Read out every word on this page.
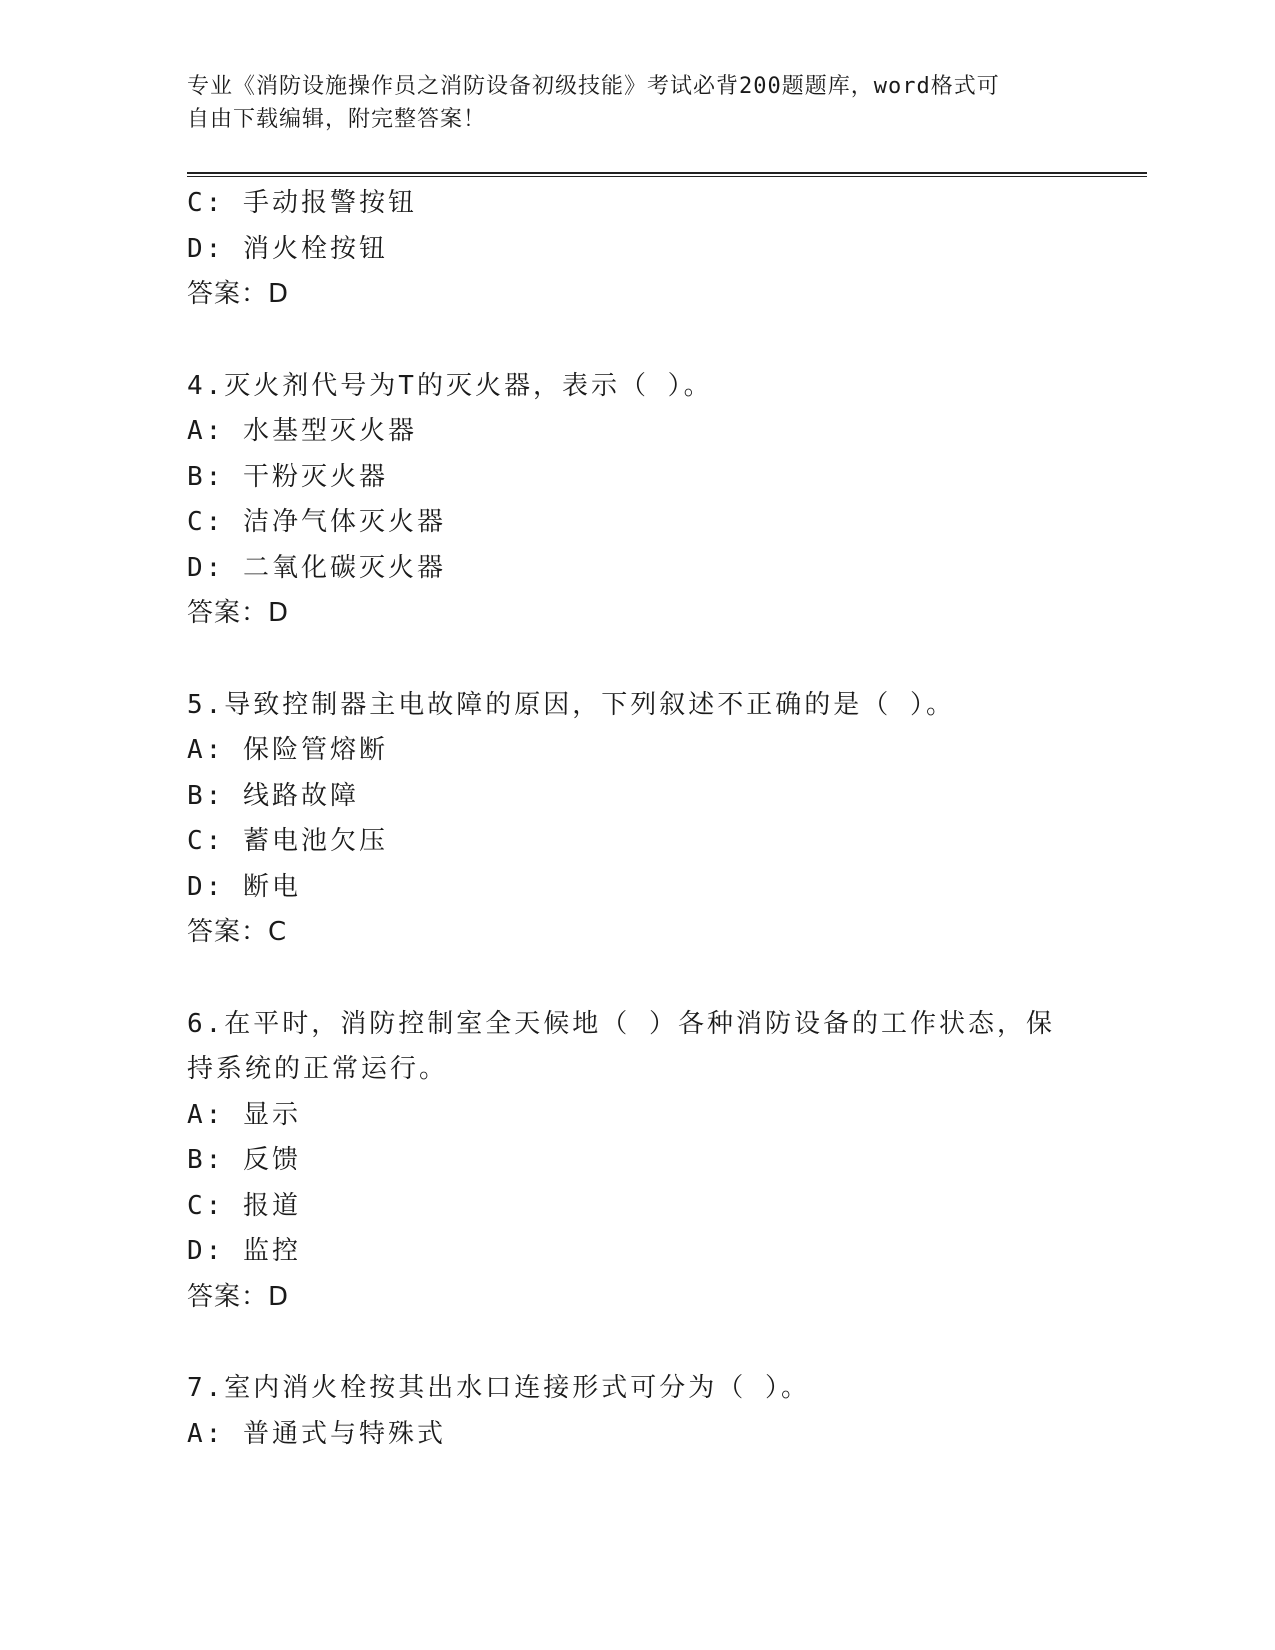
专业《消防设施操作员之消防设备初级技能》考试必背200题题库，word格式可

自由下载编辑，附完整答案！

C: 手动报警按钮

D: 消火栓按钮

答案：D

4.灭火剂代号为T的灭火器，表示（ ）。

A: 水基型灭火器

B: 干粉灭火器

C: 洁净气体灭火器

D: 二氧化碳灭火器

答案：D

5.导致控制器主电故障的原因，下列叙述不正确的是（ ）。

A: 保险管熔断

B: 线路故障

C: 蓄电池欠压

D: 断电

答案：C

6.在平时，消防控制室全天候地（ ）各种消防设备的工作状态，保

持系统的正常运行。

A: 显示

B: 反馈

C: 报道

D: 监控

答案：D

7.室内消火栓按其出水口连接形式可分为（ ）。

A: 普通式与特殊式
